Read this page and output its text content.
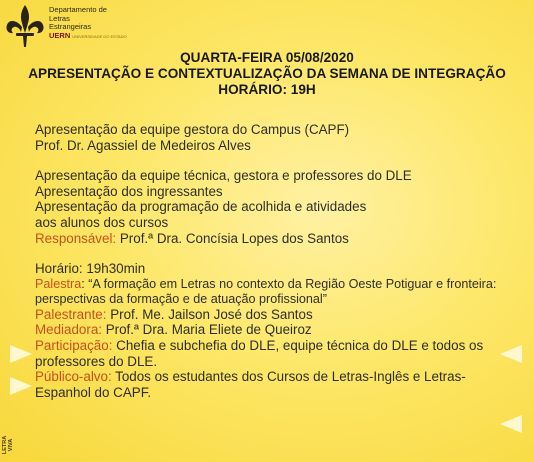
Departamento de
Letras
Estrangeiras
UERN UNIVERSIDADE DO ESTADO
QUARTA-FEIRA 05/08/2020
APRESENTAÇÃO E CONTEXTUALIZAÇÃO DA SEMANA DE INTEGRAÇÃO
HORÁRIO: 19H

Apresentação da equipe gestora do Campus (CAPF)

Prof. Dr. Agassiel de Medeiros Alves

Apresentação da equipe técnica, gestora e professores do DLE

Apresentação dos ingressantes

Apresentação da programação de acolhida e atividades

aos alunos dos cursos

Responsável: Prof.ª Dra. Concísia Lopes dos Santos

Horário: 19h30min

Palestra: “A formação em Letras no contexto da Região Oeste Potiguar e fronteira: perspectivas da formação e de atuação profissional”

Palestrante: Prof. Me. Jailson José dos Santos

Mediadora: Prof.ª Dra. Maria Eliete de Queiroz

Participação: Chefia e subchefia do DLE, equipe técnica do DLE e todos os professores do DLE.

Público-alvo: Todos os estudantes dos Cursos de Letras-Inglês e Letras-Espanhol do CAPF.

LETRA VIVA
